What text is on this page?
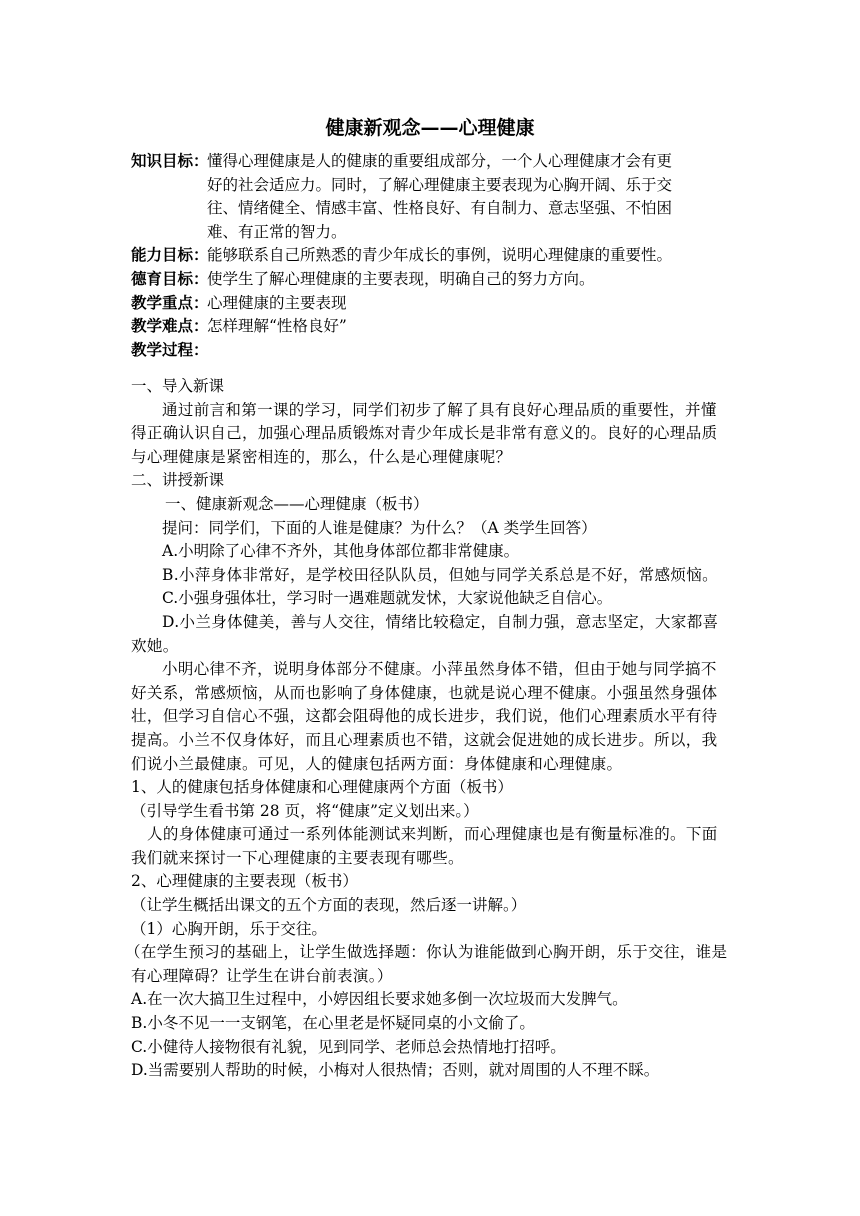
健康新观念——心理健康
知识目标：
懂得心理健康是人的健康的重要组成部分，一个人心理健康才会有更
好的社会适应力。同时，了解心理健康主要表现为心胸开阔、乐于交
往、情绪健全、情感丰富、性格良好、有自制力、意志坚强、不怕困
难、有正常的智力。
能力目标：
能够联系自己所熟悉的青少年成长的事例，说明心理健康的重要性。
德育目标：
使学生了解心理健康的主要表现，明确自己的努力方向。
教学重点：
心理健康的主要表现
教学难点：
怎样理解“性格良好”
教学过程：

一、导入新课

通过前言和第一课的学习，同学们初步了解了具有良好心理品质的重要性，并懂得正确认识自己，加强心理品质锻炼对青少年成长是非常有意义的。良好的心理品质与心理健康是紧密相连的，那么，什么是心理健康呢？

二、讲授新课

一、健康新观念——心理健康（板书）

提问：同学们，下面的人谁是健康？为什么？（A 类学生回答）

A.小明除了心律不齐外，其他身体部位都非常健康。

B.小萍身体非常好，是学校田径队队员，但她与同学关系总是不好，常感烦恼。

C.小强身强体壮，学习时一遇难题就发怵，大家说他缺乏自信心。

D.小兰身体健美，善与人交往，情绪比较稳定，自制力强，意志坚定，大家都喜欢她。

小明心律不齐，说明身体部分不健康。小萍虽然身体不错，但由于她与同学搞不好关系，常感烦恼，从而也影响了身体健康，也就是说心理不健康。小强虽然身强体壮，但学习自信心不强，这都会阻碍他的成长进步，我们说，他们心理素质水平有待提高。小兰不仅身体好，而且心理素质也不错，这就会促进她的成长进步。所以，我们说小兰最健康。可见，人的健康包括两方面：身体健康和心理健康。

1、人的健康包括身体健康和心理健康两个方面（板书）

（引导学生看书第 28 页，将“健康”定义划出来。）

人的身体健康可通过一系列体能测试来判断，而心理健康也是有衡量标准的。下面我们就来探讨一下心理健康的主要表现有哪些。

2、心理健康的主要表现（板书）

（让学生概括出课文的五个方面的表现，然后逐一讲解。）

（1）心胸开朗，乐于交往。

（在学生预习的基础上，让学生做选择题：你认为谁能做到心胸开朗，乐于交往，谁是有心理障碍？让学生在讲台前表演。）

A.在一次大搞卫生过程中，小婷因组长要求她多倒一次垃圾而大发脾气。

B.小冬不见一一支钢笔，在心里老是怀疑同桌的小文偷了。

C.小健待人接物很有礼貌，见到同学、老师总会热情地打招呼。

D.当需要别人帮助的时候，小梅对人很热情；否则，就对周围的人不理不睬。
